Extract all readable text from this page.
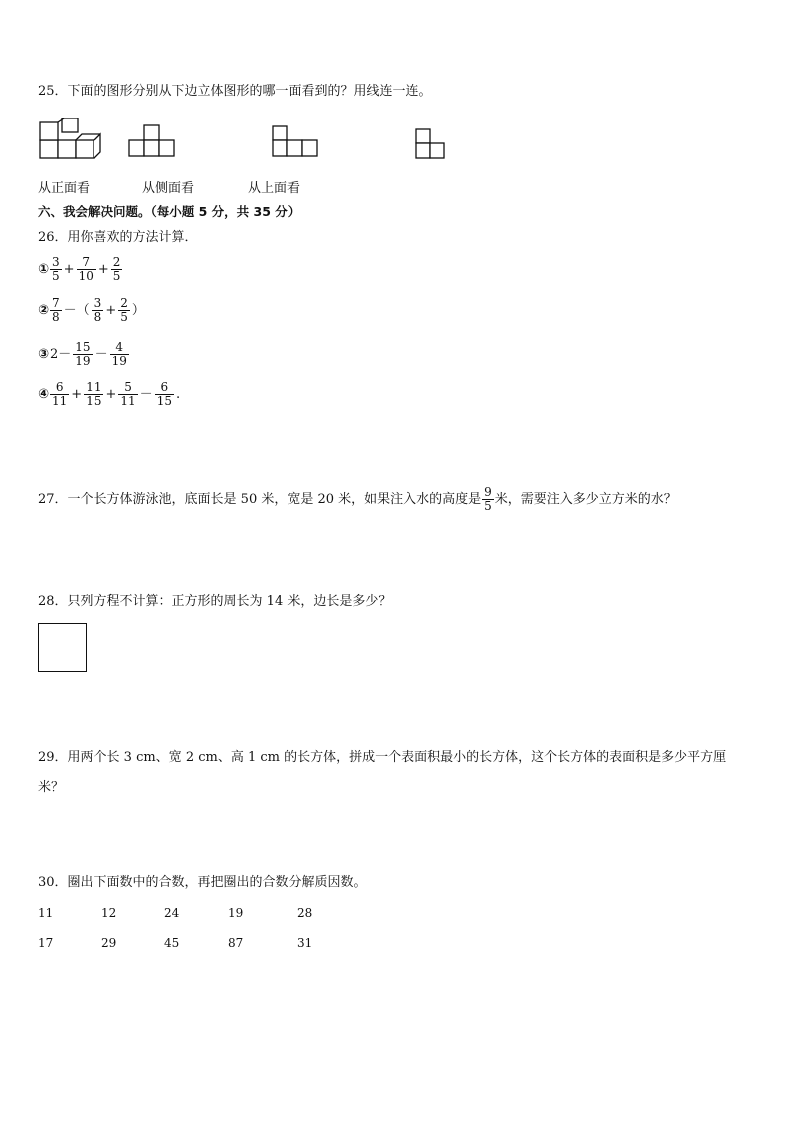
25．下面的图形分别从下边立体图形的哪一面看到的？用线连一连。
从正面看	从侧面看	从上面看
六、我会解决问题。（每小题 5 分，共 35 分）
26．用你喜欢的方法计算．
① $\frac{3}{5} + \frac{7}{10} + \frac{2}{5}$
② $\frac{7}{8}$ －（ $\frac{3}{8} + \frac{2}{5}$ ）
③2－ $\frac{15}{19} - \frac{4}{19}$
④ $\frac{6}{11} + \frac{11}{15} + \frac{5}{11} - \frac{6}{15}$ .
27．一个长方体游泳池，底面长是 50 米，宽是 20 米，如果注入水的高度是 $\frac{9}{5}$ 米，需要注入多少立方米的水？
28．只列方程不计算：正方形的周长为 14 米，边长是多少？
29．用两个长 3 cm、宽 2 cm、高 1 cm 的长方体，拼成一个表面积最小的长方体，这个长方体的表面积是多少平方厘
米？
30．圈出下面数中的合数，再把圈出的合数分解质因数。
11	12	24	19	28
17	29	45	87	31
